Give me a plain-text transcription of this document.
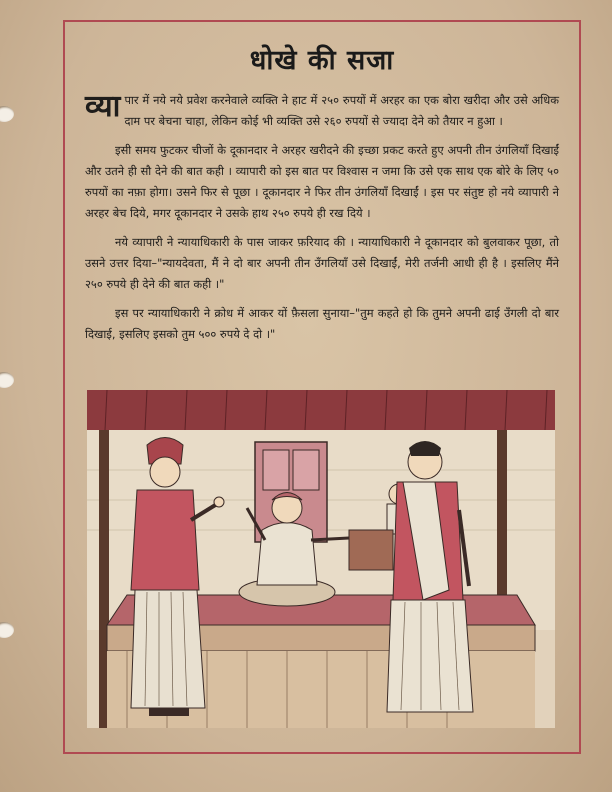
धोखे की सजा

व्या पार में नये नये प्रवेश करनेवाले व्यक्ति ने हाट में २५० रुपयों में अरहर का एक बोरा खरीदा और उसे अधिक दाम पर बेचना चाहा, लेकिन कोई भी व्यक्ति उसे २६० रुपयों से ज्यादा देने को तैयार न हुआ ।

इसी समय फुटकर चीजों के दूकानदार ने अरहर खरीदने की इच्छा प्रकट करते हुए अपनी तीन उंगलियाँ दिखाईं और उतने ही सौ देने की बात कही । व्यापारी को इस बात पर विश्वास न जमा कि उसे एक साथ एक बोरे के लिए ५० रुपयों का नफ़ा होगा। उसने फिर से पूछा । दूकानदार ने फिर तीन उंगलियाँ दिखाईं । इस पर संतुष्ट हो नये व्यापारी ने अरहर बेच दिये, मगर दूकानदार ने उसके हाथ २५० रुपये ही रख दिये ।

नये व्यापारी ने न्यायाधिकारी के पास जाकर फ़रियाद की । न्यायाधिकारी ने दूकानदार को बुलवाकर पूछा, तो उसने उत्तर दिया–"न्यायदेवता, मैं ने दो बार अपनी तीन उँगलियाँ उसे दिखाईं, मेरी तर्जनी आधी ही है । इसलिए मैंने २५० रुपये ही देने की बात कही ।"

इस पर न्यायाधिकारी ने क्रोध में आकर यों फ़ैसला सुनाया–"तुम कहते हो कि तुमने अपनी ढाई उँगली दो बार दिखाई, इसलिए इसको तुम ५०० रुपये दे दो ।"
